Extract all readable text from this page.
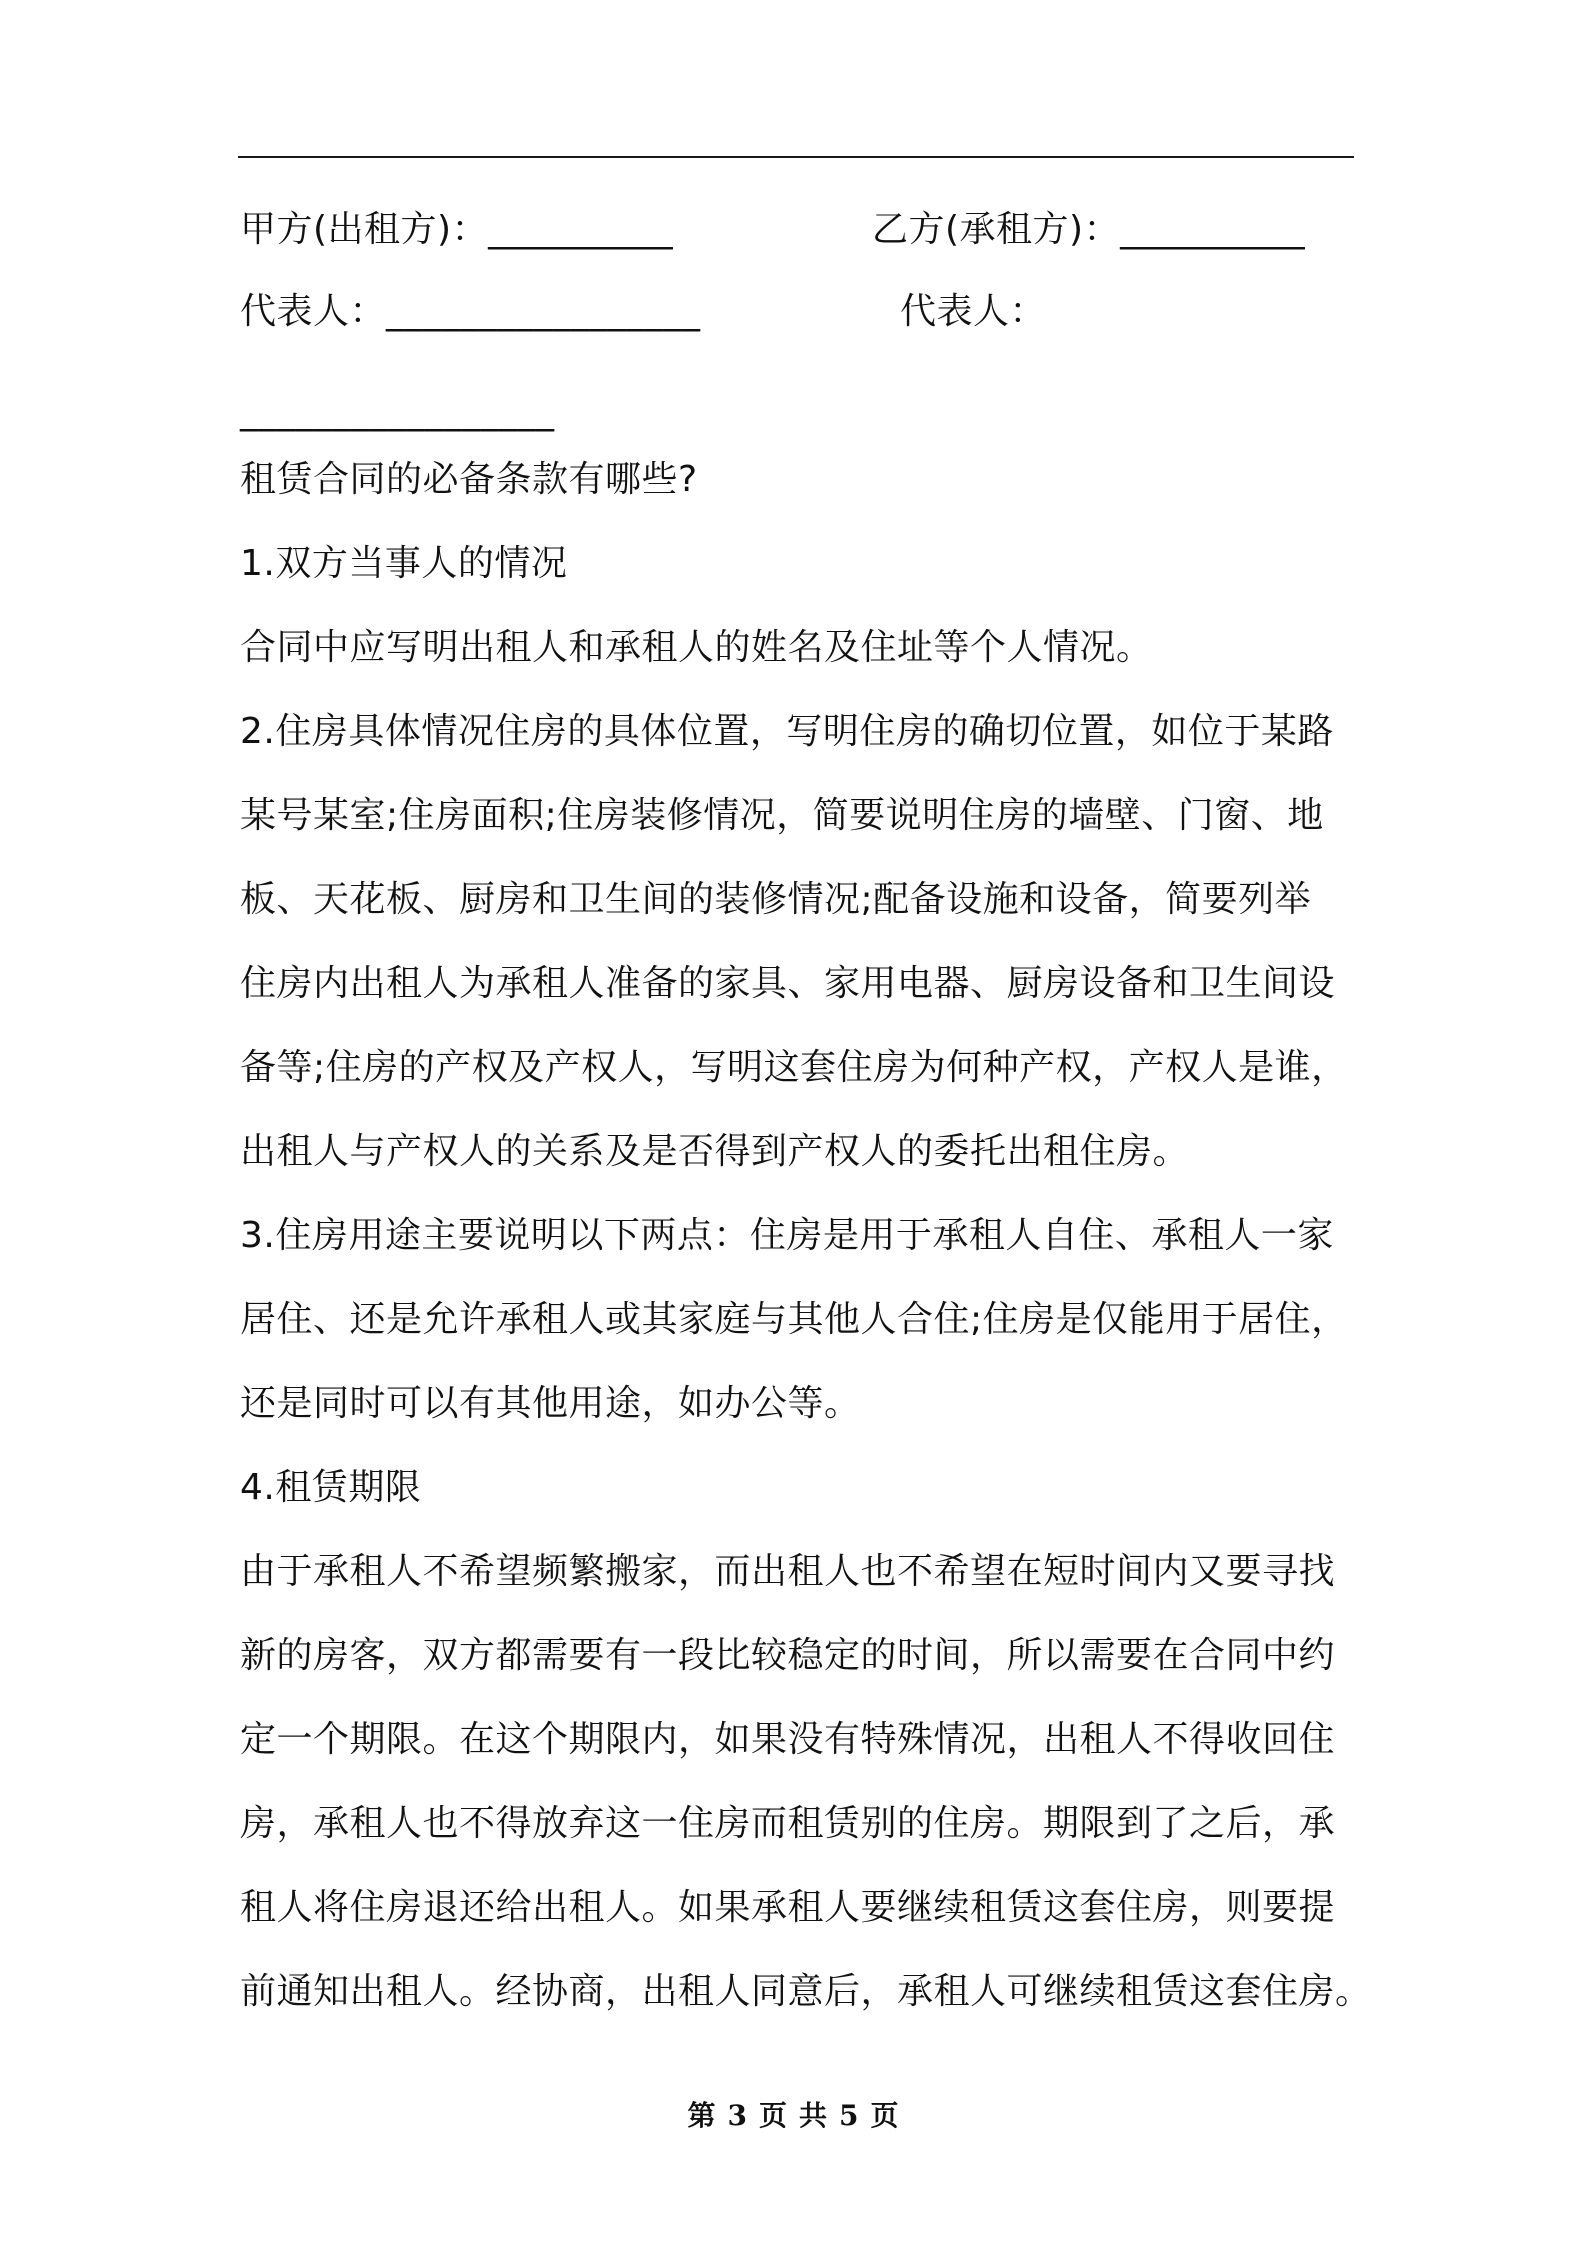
甲方(出租方)：__________	乙方(承租方)：__________
代表人：_________________	代表人：
_________________
租赁合同的必备条款有哪些?
1.双方当事人的情况
合同中应写明出租人和承租人的姓名及住址等个人情况。
2.住房具体情况住房的具体位置，写明住房的确切位置，如位于某路
某号某室;住房面积;住房装修情况，简要说明住房的墙壁、门窗、地
板、天花板、厨房和卫生间的装修情况;配备设施和设备，简要列举
住房内出租人为承租人准备的家具、家用电器、厨房设备和卫生间设
备等;住房的产权及产权人，写明这套住房为何种产权，产权人是谁，
出租人与产权人的关系及是否得到产权人的委托出租住房。
3.住房用途主要说明以下两点：住房是用于承租人自住、承租人一家
居住、还是允许承租人或其家庭与其他人合住;住房是仅能用于居住，
还是同时可以有其他用途，如办公等。
4.租赁期限
由于承租人不希望频繁搬家，而出租人也不希望在短时间内又要寻找
新的房客，双方都需要有一段比较稳定的时间，所以需要在合同中约
定一个期限。在这个期限内，如果没有特殊情况，出租人不得收回住
房，承租人也不得放弃这一住房而租赁别的住房。期限到了之后，承
租人将住房退还给出租人。如果承租人要继续租赁这套住房，则要提
前通知出租人。经协商，出租人同意后，承租人可继续租赁这套住房。
第 3 页 共 5 页
